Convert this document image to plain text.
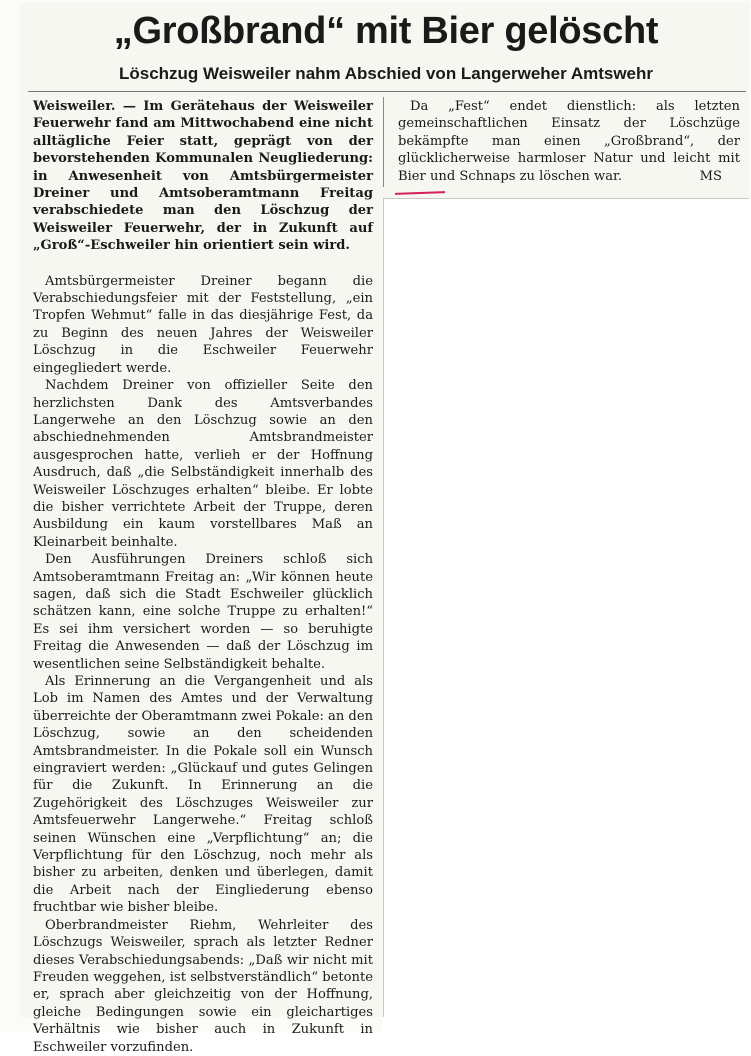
„Großbrand“ mit Bier gelöscht
Löschzug Weisweiler nahm Abschied von Langerweher Amtswehr

Weisweiler. — Im Gerätehaus der Weisweiler Feuerwehr fand am Mittwochabend eine nicht alltägliche Feier statt, geprägt von der bevorstehenden Kommunalen Neugliederung: in Anwesenheit von Amtsbürgermeister Dreiner und Amtsoberamtmann Freitag verabschiedete man den Löschzug der Weisweiler Feuerwehr, der in Zukunft auf „Groß“-Eschweiler hin orientiert sein wird.

Amtsbürgermeister Dreiner begann die Verabschiedungsfeier mit der Feststellung, „ein Tropfen Wehmut“ falle in das diesjährige Fest, da zu Beginn des neuen Jahres der Weisweiler Löschzug in die Eschweiler Feuerwehr eingegliedert werde.

Nachdem Dreiner von offizieller Seite den herzlichsten Dank des Amtsverbandes Langerwehe an den Löschzug sowie an den abschiednehmenden Amtsbrandmeister ausgesprochen hatte, verlieh er der Hoffnung Ausdruch, daß „die Selbständigkeit innerhalb des Weisweiler Löschzuges erhalten“ bleibe. Er lobte die bisher verrichtete Arbeit der Truppe, deren Ausbildung ein kaum vorstellbares Maß an Kleinarbeit beinhalte.

Den Ausführungen Dreiners schloß sich Amtsoberamtmann Freitag an: „Wir können heute sagen, daß sich die Stadt Eschweiler glücklich schätzen kann, eine solche Truppe zu erhalten!“ Es sei ihm versichert worden — so beruhigte Freitag die Anwesenden — daß der Löschzug im wesentlichen seine Selbständigkeit behalte.

Als Erinnerung an die Vergangenheit und als Lob im Namen des Amtes und der Verwaltung überreichte der Oberamtmann zwei Pokale: an den Löschzug, sowie an den scheidenden Amtsbrandmeister. In die Pokale soll ein Wunsch eingraviert werden: „Glückauf und gutes Gelingen für die Zukunft. In Erinnerung an die Zugehörigkeit des Löschzuges Weisweiler zur Amtsfeuerwehr Langerwehe.“ Freitag schloß seinen Wünschen eine „Verpflichtung“ an; die Verpflichtung für den Löschzug, noch mehr als bisher zu arbeiten, denken und überlegen, damit die Arbeit nach der Eingliederung ebenso fruchtbar wie bisher bleibe.

Oberbrandmeister Riehm, Wehrleiter des Löschzugs Weisweiler, sprach als letzter Redner dieses Verabschiedungsabends: „Daß wir nicht mit Freuden weggehen, ist selbstverständlich“ betonte er, sprach aber gleichzeitig von der Hoffnung, gleiche Bedingungen sowie ein gleichartiges Verhältnis wie bisher auch in Zukunft in Eschweiler vorzufinden.

Da „Fest“ endet dienstlich: als letzten gemeinschaftlichen Einsatz der Löschzüge bekämpfte man einen „Großbrand“, der glücklicherweise harmloser Natur und leicht mit Bier und Schnaps zu löschen war.	MS
